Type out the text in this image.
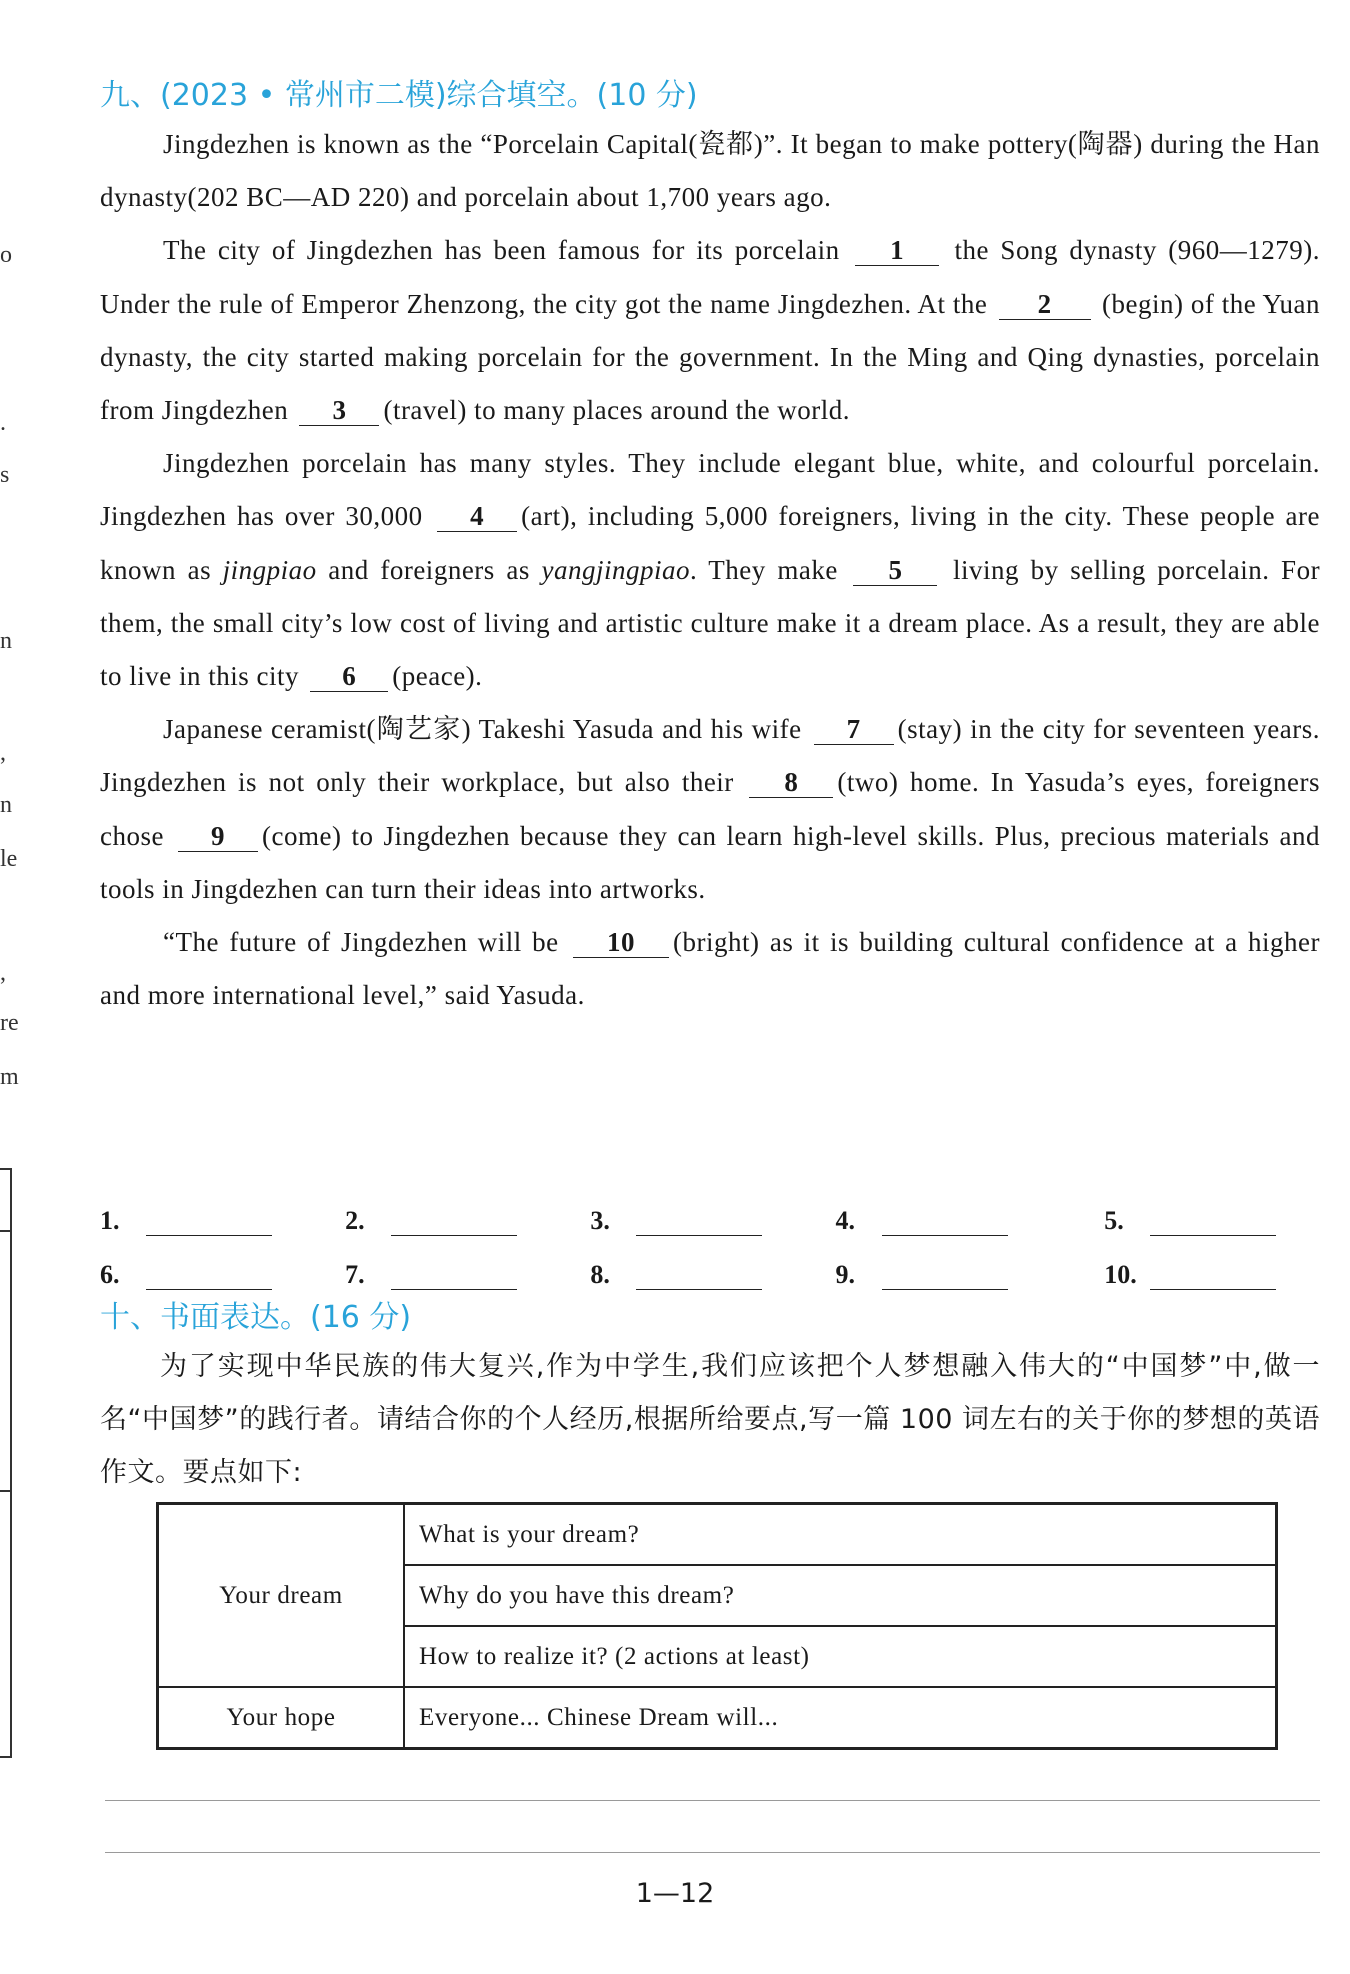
o
.
s
n
,
n
le
,
re
m
九、(2023 • 常州市二模)综合填空。(10 分)

Jingdezhen is known as the “Porcelain Capital(瓷都)”. It began to make pottery(陶器) during the Han dynasty(202 BC—AD 220) and porcelain about 1,700 years ago.

The city of Jingdezhen has been famous for its porcelain 1 the Song dynasty (960—1279). Under the rule of Emperor Zhenzong, the city got the name Jingdezhen. At the 2 (begin) of the Yuan dynasty, the city started making porcelain for the government. In the Ming and Qing dynasties, porcelain from Jingdezhen 3 (travel) to many places around the world.

Jingdezhen porcelain has many styles. They include elegant blue, white, and colourful porcelain. Jingdezhen has over 30,000 4 (art), including 5,000 foreigners, living in the city. These people are known as jingpiao and foreigners as yangjingpiao. They make 5 living by selling porcelain. For them, the small city’s low cost of living and artistic culture make it a dream place. As a result, they are able to live in this city 6 (peace).

Japanese ceramist(陶艺家) Takeshi Yasuda and his wife 7 (stay) in the city for seventeen years. Jingdezhen is not only their workplace, but also their 8 (two) home. In Yasuda’s eyes, foreigners chose 9 (come) to Jingdezhen because they can learn high-level skills. Plus, precious materials and tools in Jingdezhen can turn their ideas into artworks.

“The future of Jingdezhen will be 10 (bright) as it is building cultural confidence at a higher and more international level,” said Yasuda.

1.	2.	3.	4.	5.
6.	7.	8.	9.	10.
十、书面表达。(16 分)

为了实现中华民族的伟大复兴,作为中学生,我们应该把个人梦想融入伟大的“中国梦”中,做一名“中国梦”的践行者。请结合你的个人经历,根据所给要点,写一篇 100 词左右的关于你的梦想的英语作文。要点如下:

Your dream	What is your dream?
	Why do you have this dream?
	How to realize it? (2 actions at least)
Your hope	Everyone... Chinese Dream will...
1—12
